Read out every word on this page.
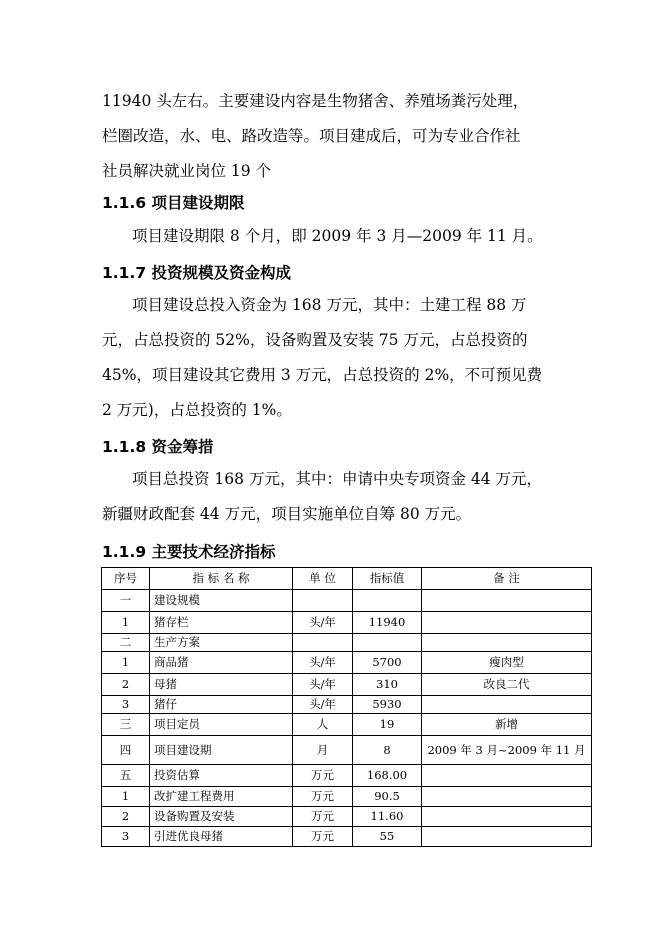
11940 头左右。主要建设内容是生物猪舍、养殖场粪污处理，
栏圈改造，水、电、路改造等。项目建成后，可为专业合作社
社员解决就业岗位 19 个
1.1.6 项目建设期限
项目建设期限 8 个月，即 2009 年 3 月—2009 年 11 月。
1.1.7 投资规模及资金构成
项目建设总投入资金为 168 万元，其中：土建工程 88 万
元，占总投资的 52%，设备购置及安装 75 万元，占总投资的
45%，项目建设其它费用 3 万元，占总投资的 2%，不可预见费
2 万元)，占总投资的 1%。
1.1.8 资金筹措
项目总投资 168 万元，其中：申请中央专项资金 44 万元，
新疆财政配套 44 万元，项目实施单位自筹 80 万元。
1.1.9 主要技术经济指标
序号	指 标 名 称	单 位	指标值	备 注
一	建设规模			
1	猪存栏	头/年	11940	
二	生产方案			
1	商品猪	头/年	5700	瘦肉型
2	母猪	头/年	310	改良二代
3	猪仔	头/年	5930	
三	项目定员	人	19	新增
四	项目建设期	月	8	2009 年 3 月~2009 年 11 月
五	投资估算	万元	168.00	
1	改扩建工程费用	万元	90.5	
2	设备购置及安装	万元	11.60	
3	引进优良母猪	万元	55	
